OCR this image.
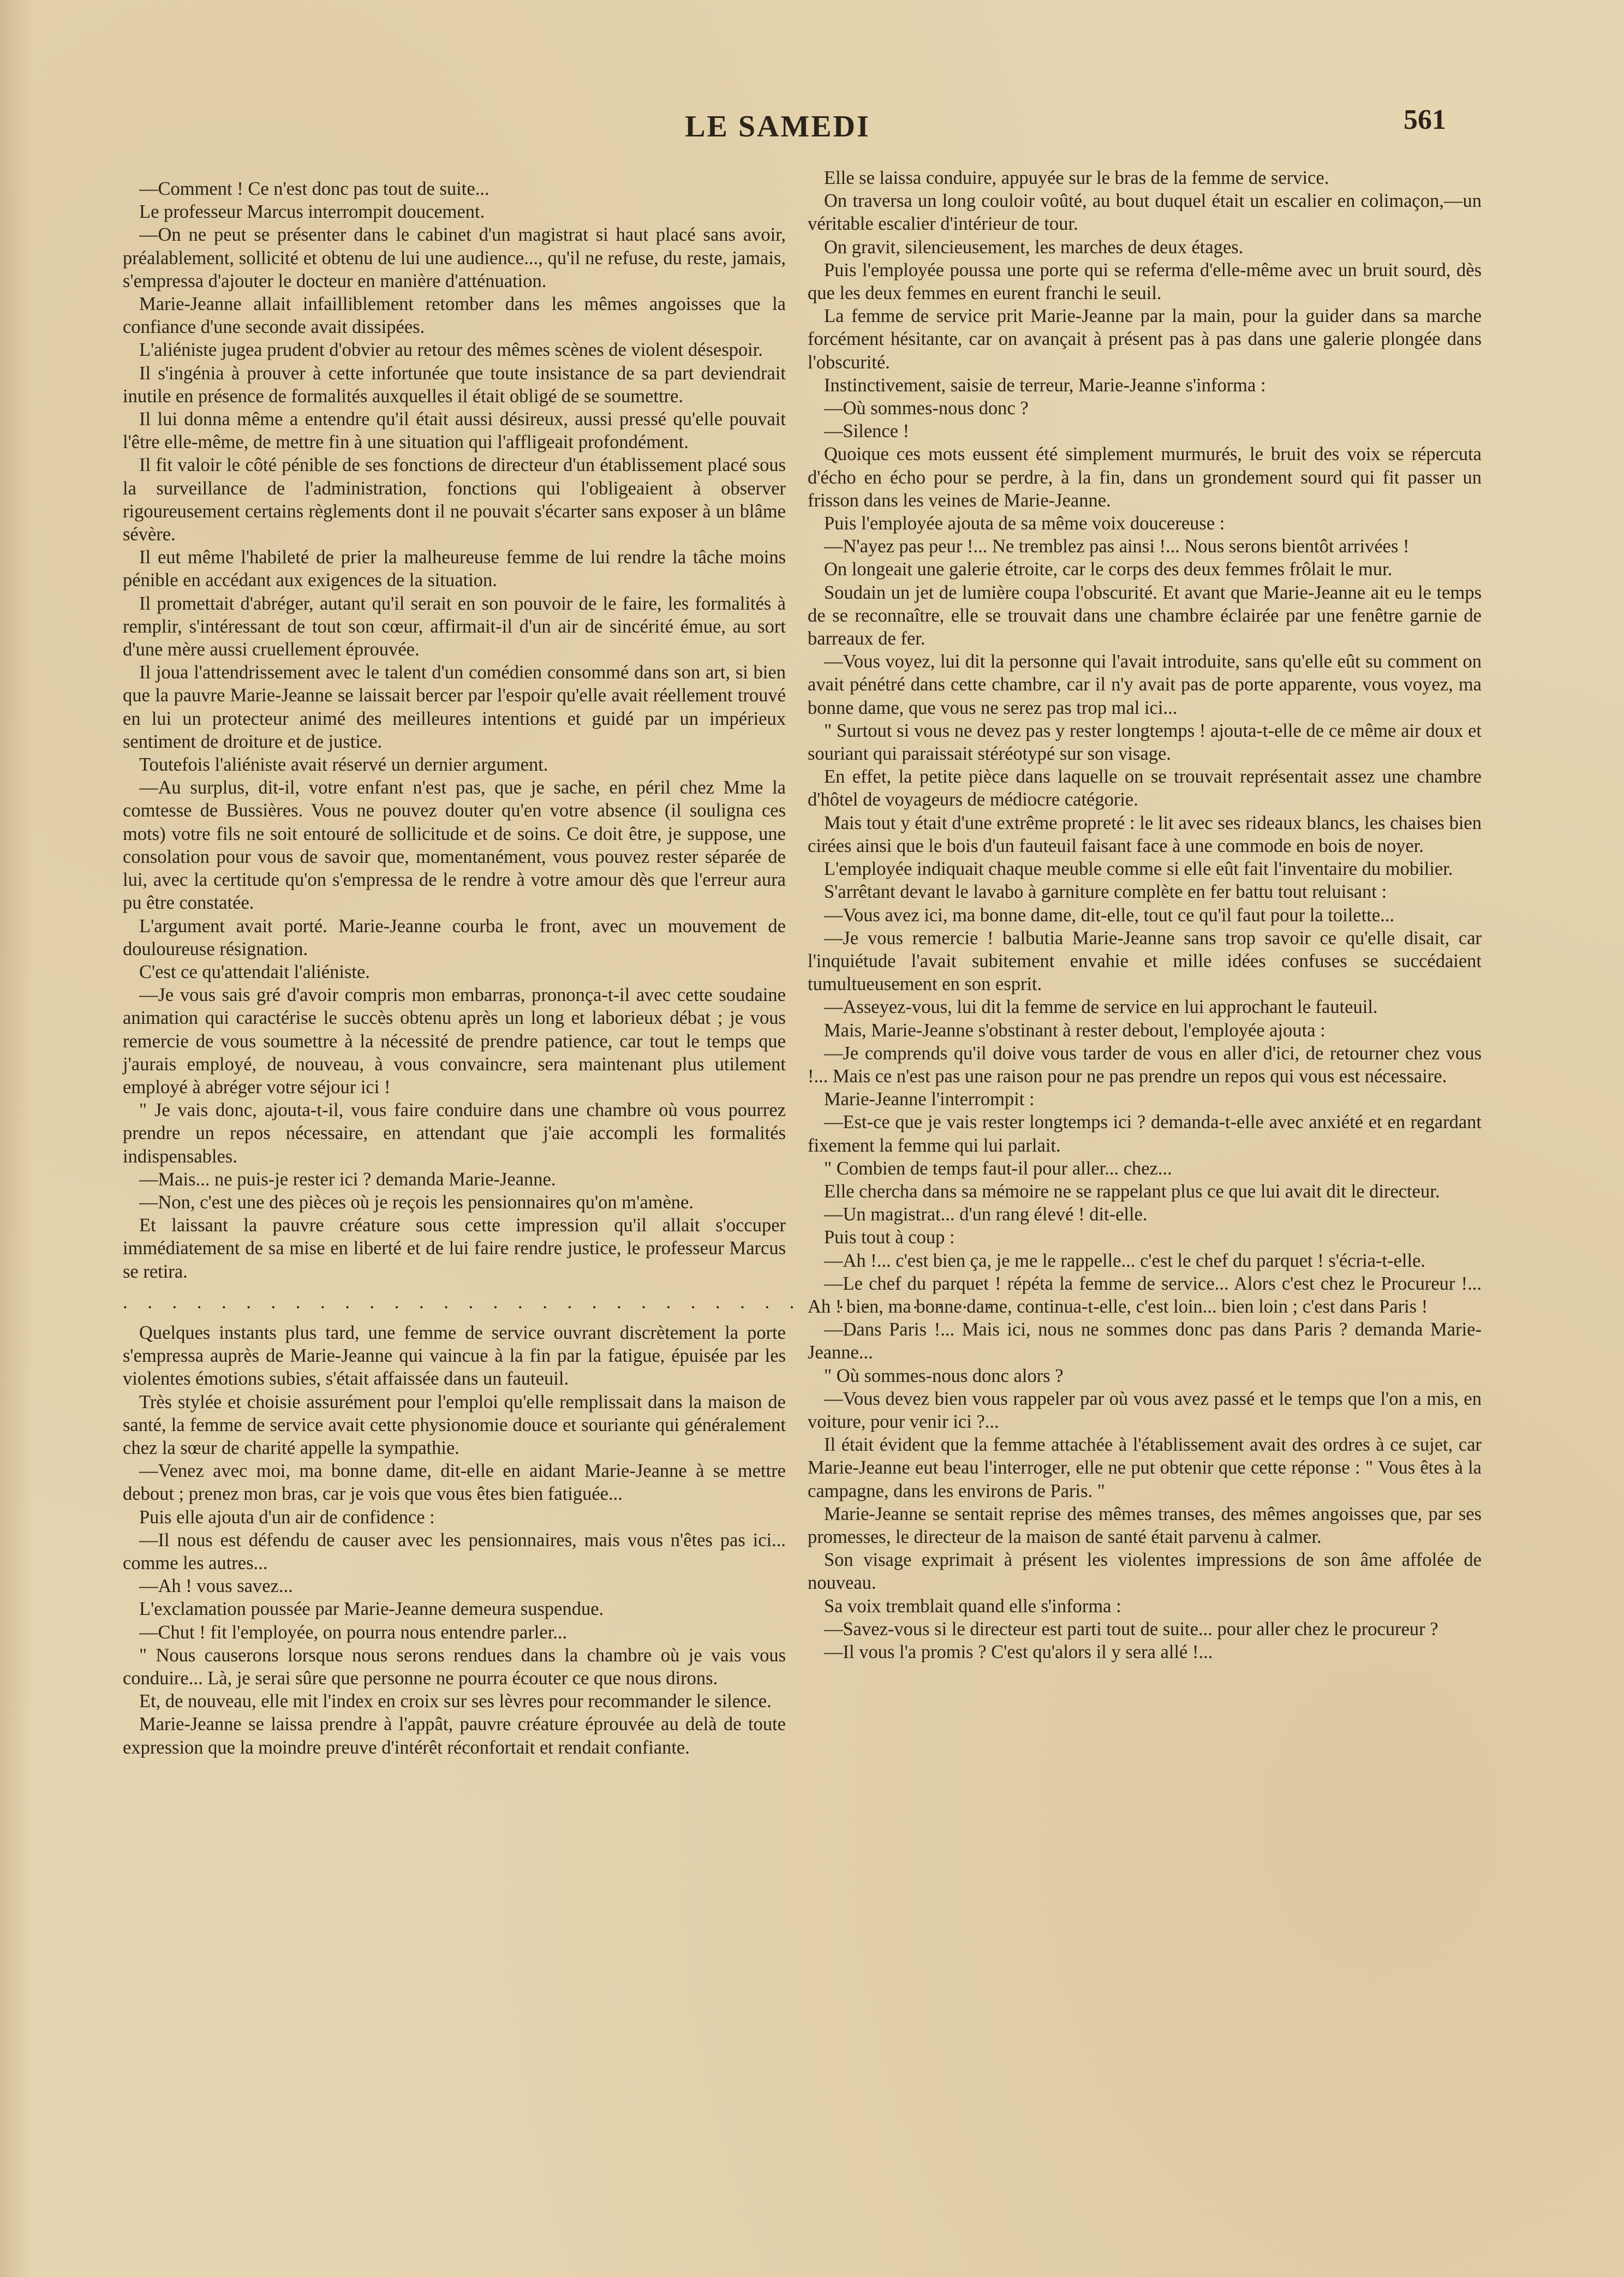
LE SAMEDI	561

—Comment ! Ce n'est donc pas tout de suite...

Le professeur Marcus interrompit doucement.

—On ne peut se présenter dans le cabinet d'un magistrat si haut placé sans avoir, préalablement, sollicité et obtenu de lui une audience..., qu'il ne refuse, du reste, jamais, s'empressa d'ajouter le docteur en manière d'atténuation.

Marie-Jeanne allait infailliblement retomber dans les mêmes angoisses que la confiance d'une seconde avait dissipées.

L'aliéniste jugea prudent d'obvier au retour des mêmes scènes de violent désespoir.

Il s'ingénia à prouver à cette infortunée que toute insistance de sa part deviendrait inutile en présence de formalités auxquelles il était obligé de se soumettre.

Il lui donna même a entendre qu'il était aussi désireux, aussi pressé qu'elle pouvait l'être elle-même, de mettre fin à une situation qui l'affligeait profondément.

Il fit valoir le côté pénible de ses fonctions de directeur d'un établissement placé sous la surveillance de l'administration, fonctions qui l'obligeaient à observer rigoureusement certains règlements dont il ne pouvait s'écarter sans exposer à un blâme sévère.

Il eut même l'habileté de prier la malheureuse femme de lui rendre la tâche moins pénible en accédant aux exigences de la situation.

Il promettait d'abréger, autant qu'il serait en son pouvoir de le faire, les formalités à remplir, s'intéressant de tout son cœur, affirmait-il d'un air de sincérité émue, au sort d'une mère aussi cruellement éprouvée.

Il joua l'attendrissement avec le talent d'un comédien consommé dans son art, si bien que la pauvre Marie-Jeanne se laissait bercer par l'espoir qu'elle avait réellement trouvé en lui un protecteur animé des meilleures intentions et guidé par un impérieux sentiment de droiture et de justice.

Toutefois l'aliéniste avait réservé un dernier argument.

—Au surplus, dit-il, votre enfant n'est pas, que je sache, en péril chez Mme la comtesse de Bussières. Vous ne pouvez douter qu'en votre absence (il souligna ces mots) votre fils ne soit entouré de sollicitude et de soins. Ce doit être, je suppose, une consolation pour vous de savoir que, momentanément, vous pouvez rester séparée de lui, avec la certitude qu'on s'empressa de le rendre à votre amour dès que l'erreur aura pu être constatée.

L'argument avait porté. Marie-Jeanne courba le front, avec un mouvement de douloureuse résignation.

C'est ce qu'attendait l'aliéniste.

—Je vous sais gré d'avoir compris mon embarras, prononça-t-il avec cette soudaine animation qui caractérise le succès obtenu après un long et laborieux débat ; je vous remercie de vous soumettre à la nécessité de prendre patience, car tout le temps que j'aurais employé, de nouveau, à vous convaincre, sera maintenant plus utilement employé à abréger votre séjour ici !

" Je vais donc, ajouta-t-il, vous faire conduire dans une chambre où vous pourrez prendre un repos nécessaire, en attendant que j'aie accompli les formalités indispensables.

—Mais... ne puis-je rester ici ? demanda Marie-Jeanne.

—Non, c'est une des pièces où je reçois les pensionnaires qu'on m'amène.

Et laissant la pauvre créature sous cette impression qu'il allait s'occuper immédiatement de sa mise en liberté et de lui faire rendre justice, le professeur Marcus se retira.

. . . . . . . . . . . . . . . . . . . . . . . . . . . . . . . . . . . .

Quelques instants plus tard, une femme de service ouvrant discrètement la porte s'empressa auprès de Marie-Jeanne qui vaincue à la fin par la fatigue, épuisée par les violentes émotions subies, s'était affaissée dans un fauteuil.

Très stylée et choisie assurément pour l'emploi qu'elle remplissait dans la maison de santé, la femme de service avait cette physionomie douce et souriante qui généralement chez la sœur de charité appelle la sympathie.

—Venez avec moi, ma bonne dame, dit-elle en aidant Marie-Jeanne à se mettre debout ; prenez mon bras, car je vois que vous êtes bien fatiguée...

Puis elle ajouta d'un air de confidence :

—Il nous est défendu de causer avec les pensionnaires, mais vous n'êtes pas ici... comme les autres...

—Ah ! vous savez...

L'exclamation poussée par Marie-Jeanne demeura suspendue.

—Chut ! fit l'employée, on pourra nous entendre parler...

" Nous causerons lorsque nous serons rendues dans la chambre où je vais vous conduire... Là, je serai sûre que personne ne pourra écouter ce que nous dirons.

Et, de nouveau, elle mit l'index en croix sur ses lèvres pour recommander le silence.

Marie-Jeanne se laissa prendre à l'appât, pauvre créature éprouvée au delà de toute expression que la moindre preuve d'intérêt réconfortait et rendait confiante.

Elle se laissa conduire, appuyée sur le bras de la femme de service.

On traversa un long couloir voûté, au bout duquel était un escalier en colimaçon,—un véritable escalier d'intérieur de tour.

On gravit, silencieusement, les marches de deux étages.

Puis l'employée poussa une porte qui se referma d'elle-même avec un bruit sourd, dès que les deux femmes en eurent franchi le seuil.

La femme de service prit Marie-Jeanne par la main, pour la guider dans sa marche forcément hésitante, car on avançait à présent pas à pas dans une galerie plongée dans l'obscurité.

Instinctivement, saisie de terreur, Marie-Jeanne s'informa :

—Où sommes-nous donc ?

—Silence !

Quoique ces mots eussent été simplement murmurés, le bruit des voix se répercuta d'écho en écho pour se perdre, à la fin, dans un grondement sourd qui fit passer un frisson dans les veines de Marie-Jeanne.

Puis l'employée ajouta de sa même voix doucereuse :

—N'ayez pas peur !... Ne tremblez pas ainsi !... Nous serons bientôt arrivées !

On longeait une galerie étroite, car le corps des deux femmes frôlait le mur.

Soudain un jet de lumière coupa l'obscurité. Et avant que Marie-Jeanne ait eu le temps de se reconnaître, elle se trouvait dans une chambre éclairée par une fenêtre garnie de barreaux de fer.

—Vous voyez, lui dit la personne qui l'avait introduite, sans qu'elle eût su comment on avait pénétré dans cette chambre, car il n'y avait pas de porte apparente, vous voyez, ma bonne dame, que vous ne serez pas trop mal ici...

" Surtout si vous ne devez pas y rester longtemps ! ajouta-t-elle de ce même air doux et souriant qui paraissait stéréotypé sur son visage.

En effet, la petite pièce dans laquelle on se trouvait représentait assez une chambre d'hôtel de voyageurs de médiocre catégorie.

Mais tout y était d'une extrême propreté : le lit avec ses rideaux blancs, les chaises bien cirées ainsi que le bois d'un fauteuil faisant face à une commode en bois de noyer.

L'employée indiquait chaque meuble comme si elle eût fait l'inventaire du mobilier.

S'arrêtant devant le lavabo à garniture complète en fer battu tout reluisant :

—Vous avez ici, ma bonne dame, dit-elle, tout ce qu'il faut pour la toilette...

—Je vous remercie ! balbutia Marie-Jeanne sans trop savoir ce qu'elle disait, car l'inquiétude l'avait subitement envahie et mille idées confuses se succédaient tumultueusement en son esprit.

—Asseyez-vous, lui dit la femme de service en lui approchant le fauteuil.

Mais, Marie-Jeanne s'obstinant à rester debout, l'employée ajouta :

—Je comprends qu'il doive vous tarder de vous en aller d'ici, de retourner chez vous !... Mais ce n'est pas une raison pour ne pas prendre un repos qui vous est nécessaire.

Marie-Jeanne l'interrompit :

—Est-ce que je vais rester longtemps ici ? demanda-t-elle avec anxiété et en regardant fixement la femme qui lui parlait.

" Combien de temps faut-il pour aller... chez...

Elle chercha dans sa mémoire ne se rappelant plus ce que lui avait dit le directeur.

—Un magistrat... d'un rang élevé ! dit-elle.

Puis tout à coup :

—Ah !... c'est bien ça, je me le rappelle... c'est le chef du parquet ! s'écria-t-elle.

—Le chef du parquet ! répéta la femme de service... Alors c'est chez le Procureur !... Ah ! bien, ma bonne dame, continua-t-elle, c'est loin... bien loin ; c'est dans Paris !

—Dans Paris !... Mais ici, nous ne sommes donc pas dans Paris ? demanda Marie-Jeanne...

" Où sommes-nous donc alors ?

—Vous devez bien vous rappeler par où vous avez passé et le temps que l'on a mis, en voiture, pour venir ici ?...

Il était évident que la femme attachée à l'établissement avait des ordres à ce sujet, car Marie-Jeanne eut beau l'interroger, elle ne put obtenir que cette réponse : " Vous êtes à la campagne, dans les environs de Paris. "

Marie-Jeanne se sentait reprise des mêmes transes, des mêmes angoisses que, par ses promesses, le directeur de la maison de santé était parvenu à calmer.

Son visage exprimait à présent les violentes impressions de son âme affolée de nouveau.

Sa voix tremblait quand elle s'informa :

—Savez-vous si le directeur est parti tout de suite... pour aller chez le procureur ?

—Il vous l'a promis ? C'est qu'alors il y sera allé !...
